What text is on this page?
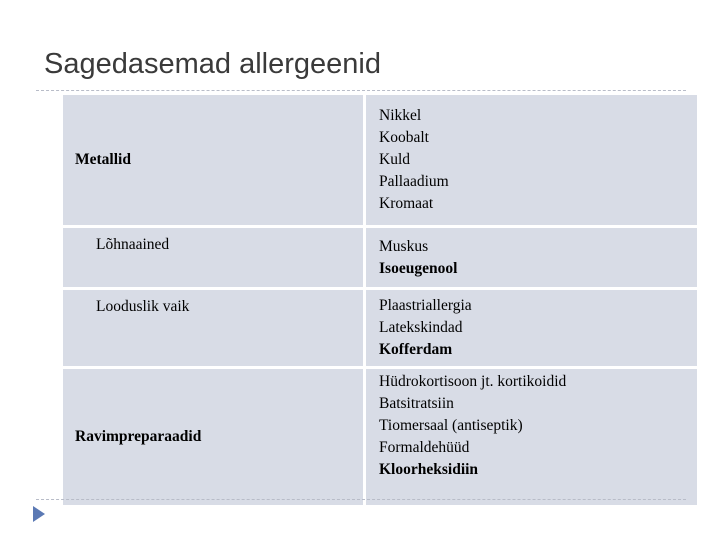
Sagedasemad allergeenid
Metallid	Nikkel
Koobalt
Kuld
Pallaadium
Kromaat

Lõhnaained	Muskus
Isoeugenool

Looduslik vaik	Plaastriallergia
Latekskindad
Kofferdam

Ravimpreparaadid	Hüdrokortisoon jt. kortikoidid
Batsitratsiin
Tiomersaal (antiseptik)
Formaldehüüd
Kloorheksidiin
